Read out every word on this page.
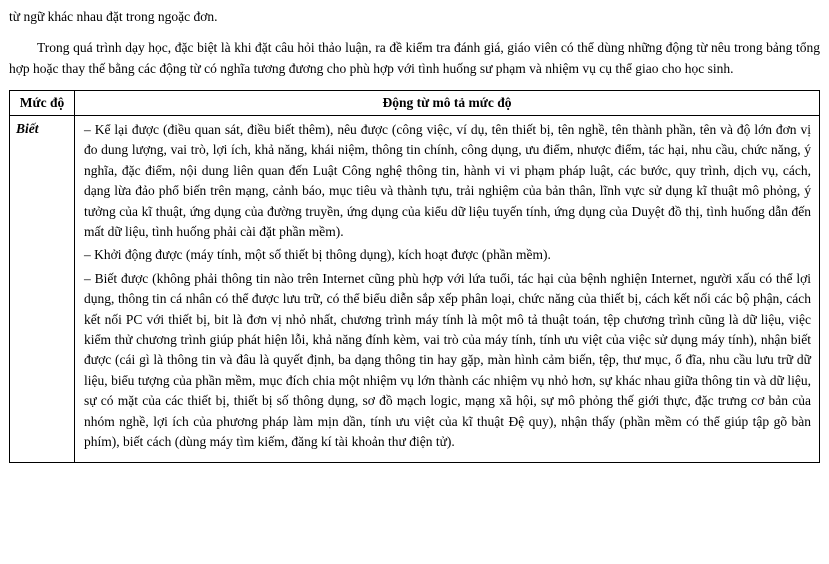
từ ngữ khác nhau đặt trong ngoặc đơn.

Trong quá trình dạy học, đặc biệt là khi đặt câu hỏi thảo luận, ra đề kiểm tra đánh giá, giáo viên có thể dùng những động từ nêu trong bảng tổng hợp hoặc thay thế bằng các động từ có nghĩa tương đương cho phù hợp với tình huống sư phạm và nhiệm vụ cụ thể giao cho học sinh.

Mức độ	Động từ mô tả mức độ
Biết	– Kể lại được (điều quan sát, điều biết thêm), nêu được (công việc, ví dụ, tên thiết bị, tên nghề, tên thành phần, tên và độ lớn đơn vị đo dung lượng, vai trò, lợi ích, khả năng, khái niệm, thông tin chính, công dụng, ưu điểm, nhược điểm, tác hại, nhu cầu, chức năng, ý nghĩa, đặc điểm, nội dung liên quan đến Luật Công nghệ thông tin, hành vi vi phạm pháp luật, các bước, quy trình, dịch vụ, cách, dạng lừa đảo phổ biến trên mạng, cảnh báo, mục tiêu và thành tựu, trải nghiệm của bản thân, lĩnh vực sử dụng kĩ thuật mô phỏng, ý tưởng của kĩ thuật, ứng dụng của đường truyền, ứng dụng của kiểu dữ liệu tuyến tính, ứng dụng của Duyệt đồ thị, tình huống dẫn đến mất dữ liệu, tình huống phải cài đặt phần mềm).

– Khởi động được (máy tính, một số thiết bị thông dụng), kích hoạt được (phần mềm).

– Biết được (không phải thông tin nào trên Internet cũng phù hợp với lứa tuổi, tác hại của bệnh nghiện Internet, người xấu có thể lợi dụng, thông tin cá nhân có thể được lưu trữ, có thể biểu diễn sắp xếp phân loại, chức năng của thiết bị, cách kết nối các bộ phận, cách kết nối PC với thiết bị, bit là đơn vị nhỏ nhất, chương trình máy tính là một mô tả thuật toán, tệp chương trình cũng là dữ liệu, việc kiểm thử chương trình giúp phát hiện lỗi, khả năng đính kèm, vai trò của máy tính, tính ưu việt của việc sử dụng máy tính), nhận biết được (cái gì là thông tin và đâu là quyết định, ba dạng thông tin hay gặp, màn hình cảm biến, tệp, thư mục, ổ đĩa, nhu cầu lưu trữ dữ liệu, biểu tượng của phần mềm, mục đích chia một nhiệm vụ lớn thành các nhiệm vụ nhỏ hơn, sự khác nhau giữa thông tin và dữ liệu, sự có mặt của các thiết bị, thiết bị số thông dụng, sơ đồ mạch logic, mạng xã hội, sự mô phỏng thế giới thực, đặc trưng cơ bản của nhóm nghề, lợi ích của phương pháp làm mịn dần, tính ưu việt của kĩ thuật Đệ quy), nhận thấy (phần mềm có thể giúp tập gõ bàn phím), biết cách (dùng máy tìm kiếm, đăng kí tài khoản thư điện tử).
